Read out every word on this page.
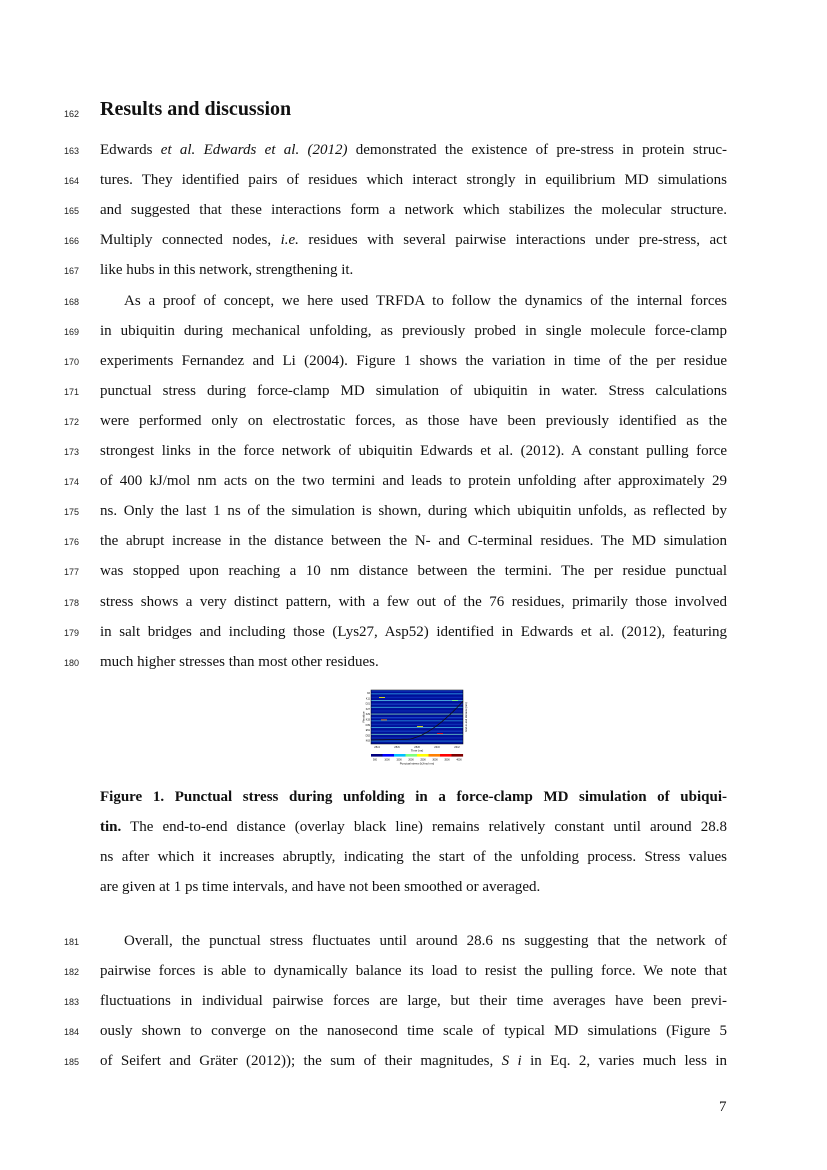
162	Results and discussion
163	Edwards et al. Edwards et al. (2012) demonstrated the existence of pre-stress in protein struc-
164	tures. They identified pairs of residues which interact strongly in equilibrium MD simulations
165	and suggested that these interactions form a network which stabilizes the molecular structure.
166	Multiply connected nodes, i.e. residues with several pairwise interactions under pre-stress, act
167	like hubs in this network, strengthening it.
168	As a proof of concept, we here used TRFDA to follow the dynamics of the internal forces
169	in ubiquitin during mechanical unfolding, as previously probed in single molecule force-clamp
170	experiments Fernandez and Li (2004). Figure 1 shows the variation in time of the per residue
171	punctual stress during force-clamp MD simulation of ubiquitin in water. Stress calculations
172	were performed only on electrostatic forces, as those have been previously identified as the
173	strongest links in the force network of ubiquitin Edwards et al. (2012). A constant pulling force
174	of 400 kJ/mol nm acts on the two termini and leads to protein unfolding after approximately 29
175	ns. Only the last 1 ns of the simulation is shown, during which ubiquitin unfolds, as reflected by
176	the abrupt increase in the distance between the N- and C-terminal residues. The MD simulation
177	was stopped upon reaching a 10 nm distance between the termini. The per residue punctual
178	stress shows a very distinct pattern, with a few out of the 76 residues, primarily those involved
179	in salt bridges and including those (Lys27, Asp52) identified in Edwards et al. (2012), featuring
180	much higher stresses than most other residues.
28.4	28.6	28.8	29.0	29.2
K6
K11
D21
K27
K29
K33
D39
E51
D52
K63
Time (ns)
Residue	End-to-end distance (nm)
500	1000	1500	2000	2500	3000	3500	4000
Punctual stress (kJ/mol nm)
Figure 1. Punctual stress during unfolding in a force-clamp MD simulation of ubiqui-
tin. The end-to-end distance (overlay black line) remains relatively constant until around 28.8
ns after which it increases abruptly, indicating the start of the unfolding process. Stress values
are given at 1 ps time intervals, and have not been smoothed or averaged.
181	Overall, the punctual stress fluctuates until around 28.6 ns suggesting that the network of
182	pairwise forces is able to dynamically balance its load to resist the pulling force. We note that
183	fluctuations in individual pairwise forces are large, but their time averages have been previ-
184	ously shown to converge on the nanosecond time scale of typical MD simulations (Figure 5
185	of Seifert and Gräter (2012)); the sum of their magnitudes, S i in Eq. 2, varies much less in
7
